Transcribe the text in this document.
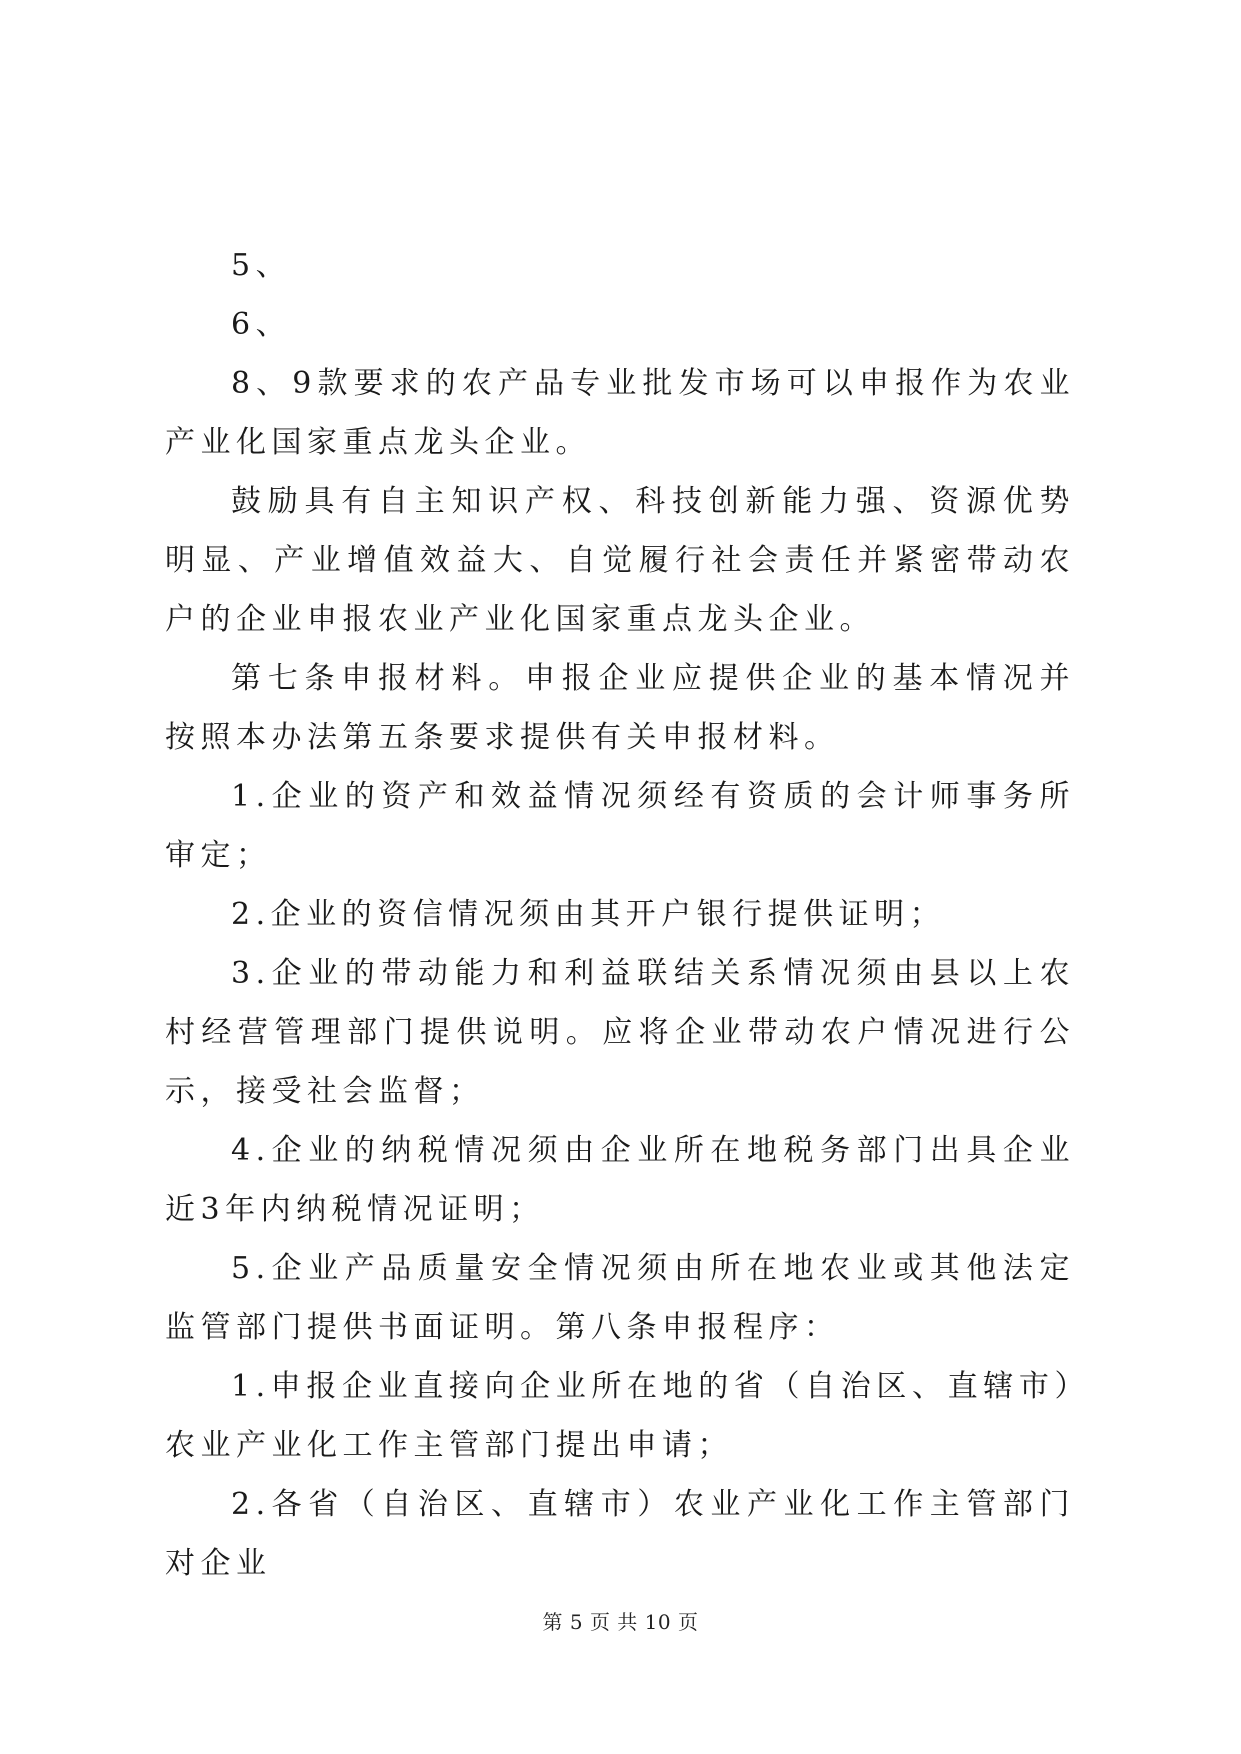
5、

6、

8、9款要求的农产品专业批发市场可以申报作为农业产业化国家重点龙头企业。

鼓励具有自主知识产权、科技创新能力强、资源优势明显、产业增值效益大、自觉履行社会责任并紧密带动农户的企业申报农业产业化国家重点龙头企业。

第七条申报材料。申报企业应提供企业的基本情况并按照本办法第五条要求提供有关申报材料。

1.企业的资产和效益情况须经有资质的会计师事务所审定；

2.企业的资信情况须由其开户银行提供证明；

3.企业的带动能力和利益联结关系情况须由县以上农村经营管理部门提供说明。应将企业带动农户情况进行公示，接受社会监督；

4.企业的纳税情况须由企业所在地税务部门出具企业近3年内纳税情况证明；

5.企业产品质量安全情况须由所在地农业或其他法定监管部门提供书面证明。第八条申报程序：

1.申报企业直接向企业所在地的省（自治区、直辖市）农业产业化工作主管部门提出申请；

2.各省（自治区、直辖市）农业产业化工作主管部门对企业

第 5 页 共 10 页
